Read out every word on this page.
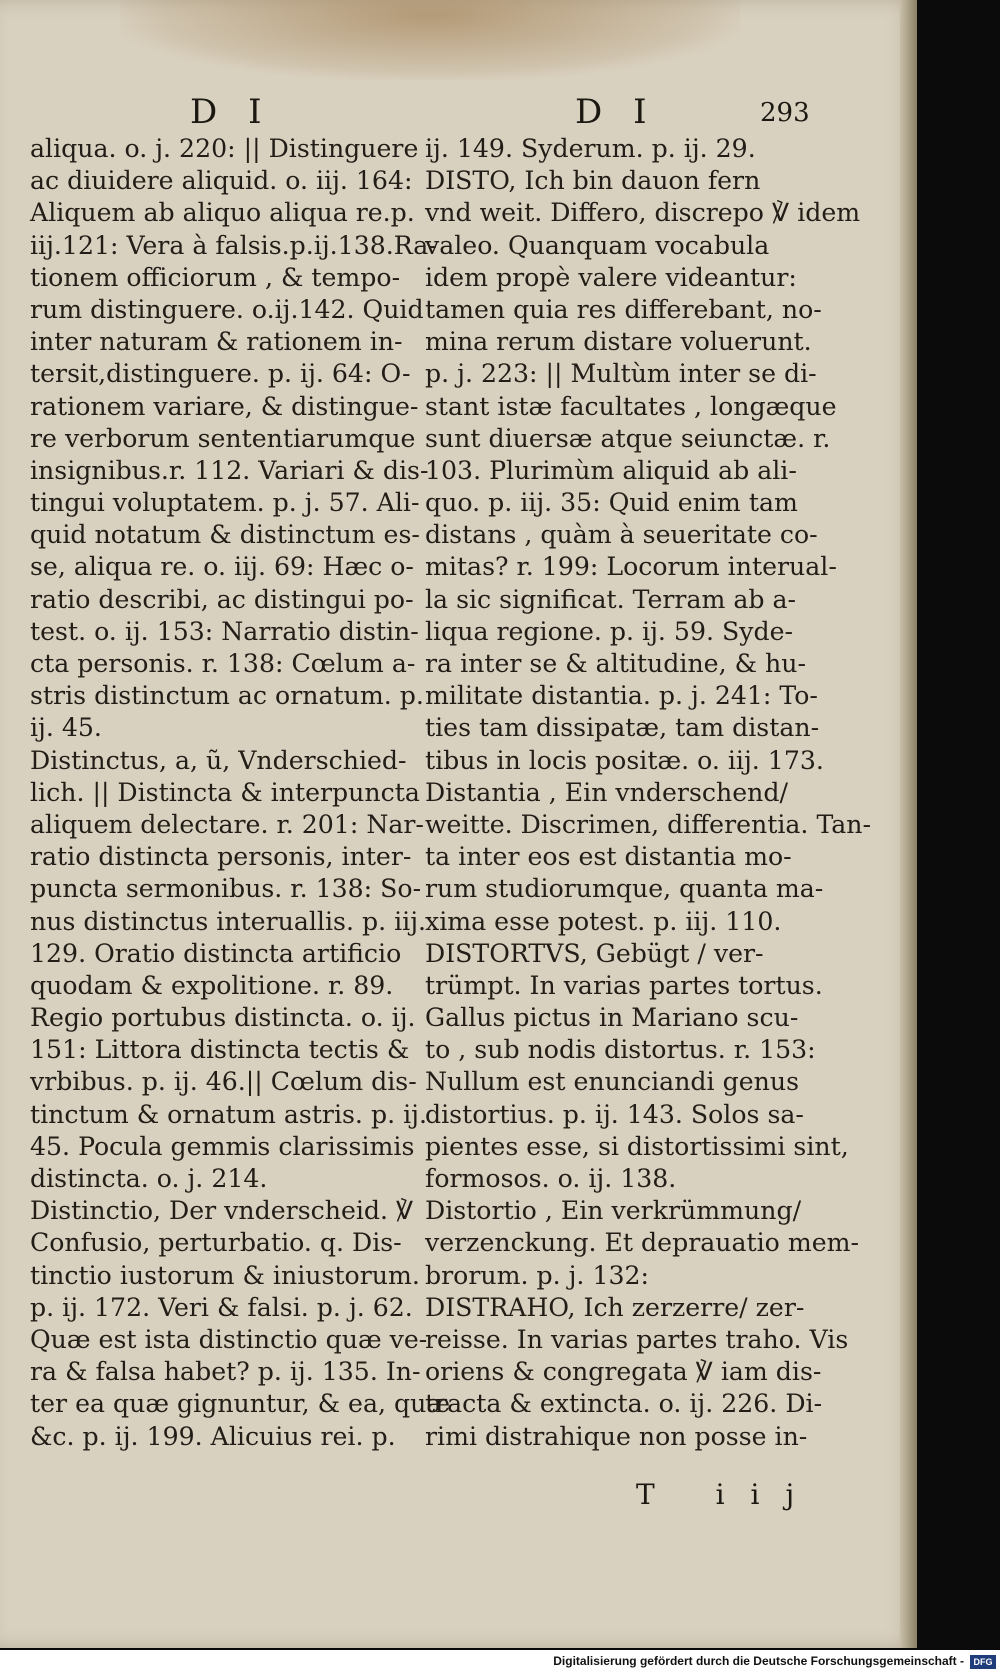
D I	D I	293
aliqua. o. j. 220: || Distinguere
ac diuidere aliquid. o. iij. 164:
Aliquem ab aliquo aliqua re.p.
iij.121: Vera à falsis.p.ij.138.Ra-
tionem officiorum , & tempo-
rum distinguere. o.ij.142. Quid
inter naturam & rationem in-
tersit,distinguere. p. ij. 64: O-
rationem variare, & distingue-
re verborum sententiarumque
insignibus.r. 112. Variari & dis-
tingui voluptatem. p. j. 57. Ali-
quid notatum & distinctum es-
se, aliqua re. o. iij. 69: Hæc o-
ratio describi, ac distingui po-
test. o. ij. 153: Narratio distin-
cta personis. r. 138: Cœlum a-
stris distinctum ac ornatum. p.
ij. 45.
Distinctus, a, ũ, Vnderschied-
lich. || Distincta & interpuncta
aliquem delectare. r. 201: Nar-
ratio distincta personis, inter-
puncta sermonibus. r. 138: So-
nus distinctus interuallis. p. iij.
129. Oratio distincta artificio
quodam & expolitione. r. 89.
Regio portubus distincta. o. ij.
151: Littora distincta tectis &
vrbibus. p. ij. 46.|| Cœlum dis-
tinctum & ornatum astris. p. ij.
45. Pocula gemmis clarissimis
distincta. o. j. 214.
Distinctio, Der vnderscheid. ℣
Confusio, perturbatio. q. Dis-
tinctio iustorum & iniustorum.
p. ij. 172. Veri & falsi. p. j. 62.
Quæ est ista distinctio quæ ve-
ra & falsa habet? p. ij. 135. In-
ter ea quæ gignuntur, & ea, quæ
&c. p. ij. 199. Alicuius rei. p.
ij. 149. Syderum. p. ij. 29.
DISTO, Ich bin dauon fern
vnd weit. Differo, discrepo ℣ idem
valeo. Quanquam vocabula
idem propè valere videantur:
tamen quia res differebant, no-
mina rerum distare voluerunt.
p. j. 223: || Multùm inter se di-
stant istæ facultates , longæque
sunt diuersæ atque seiunctæ. r.
103. Plurimùm aliquid ab ali-
quo. p. iij. 35: Quid enim tam
distans , quàm à seueritate co-
mitas? r. 199: Locorum interual-
la sic significat. Terram ab a-
liqua regione. p. ij. 59. Syde-
ra inter se & altitudine, & hu-
militate distantia. p. j. 241: To-
ties tam dissipatæ, tam distan-
tibus in locis positæ. o. iij. 173.
Distantia , Ein vnderschend/
weitte. Discrimen, differentia. Tan-
ta inter eos est distantia mo-
rum studiorumque, quanta ma-
xima esse potest. p. iij. 110.
DISTORTVS, Gebügt / ver-
trümpt. In varias partes tortus.
Gallus pictus in Mariano scu-
to , sub nodis distortus. r. 153:
Nullum est enunciandi genus
distortius. p. ij. 143. Solos sa-
pientes esse, si distortissimi sint,
formosos. o. ij. 138.
Distortio , Ein verkrümmung/
verzenckung. Et deprauatio mem-
brorum. p. j. 132:
DISTRAHO, Ich zerzerre/ zer-
reisse. In varias partes traho. Vis
oriens & congregata ℣ iam dis-
tracta & extincta. o. ij. 226. Di-
rimi distrahique non posse in-
T iij
Digitalisierung gefördert durch die Deutsche Forschungsgemeinschaft -	DFG
